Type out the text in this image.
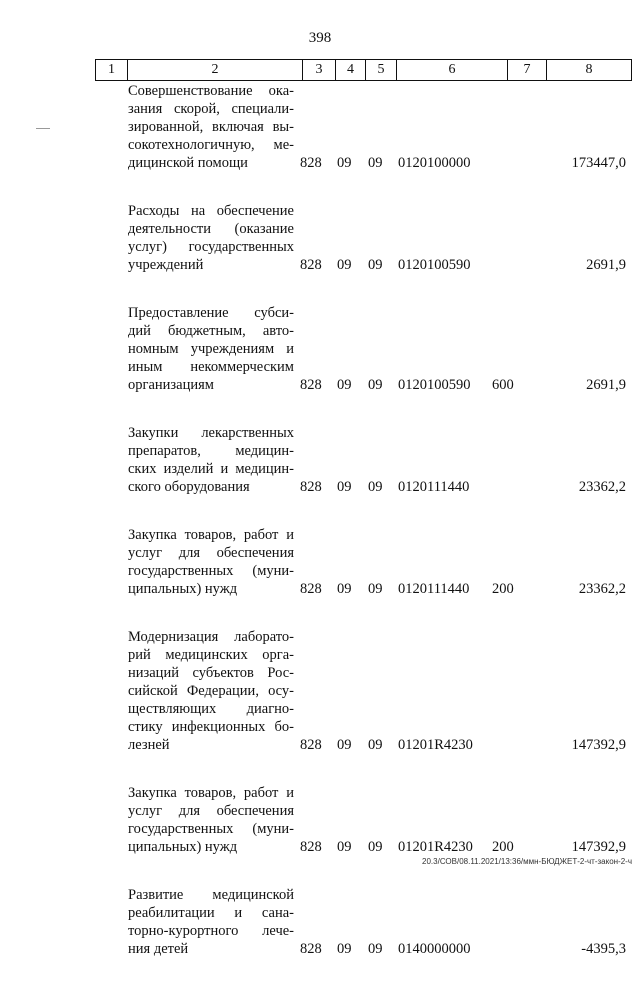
398
1	2	3	4	5	6	7	8
Совершенствование ока-
зания скорой, специали-
зированной, включая вы-
сокотехнологичную, ме-
дицинской помощи	828 09 09 0120100000	173447,0
Расходы на обеспечение
деятельности (оказание
услуг) государственных
учреждений	828 09 09 0120100590	2691,9
Предоставление субси-
дий бюджетным, авто-
номным учреждениям и
иным некоммерческим
организациям	828 09 09 0120100590 600	2691,9
Закупки лекарственных
препаратов, медицин-
ских изделий и медицин-
ского оборудования	828 09 09 0120111440	23362,2
Закупка товаров, работ и
услуг для обеспечения
государственных (муни-
ципальных) нужд	828 09 09 0120111440 200	23362,2
Модернизация лаборато-
рий медицинских орга-
низаций субъектов Рос-
сийской Федерации, осу-
ществляющих диагно-
стику инфекционных бо-
лезней	828 09 09 01201R4230	147392,9
Закупка товаров, работ и
услуг для обеспечения
государственных (муни-
ципальных) нужд	828 09 09 01201R4230 200	147392,9
Развитие медицинской
реабилитации и сана-
торно-курортного лече-
ния детей	828 09 09 0140000000	-4395,3
20.3/СОВ/08.11.2021/13:36/ммн-БЮДЖЕТ-2-чт-закон-2-ч
